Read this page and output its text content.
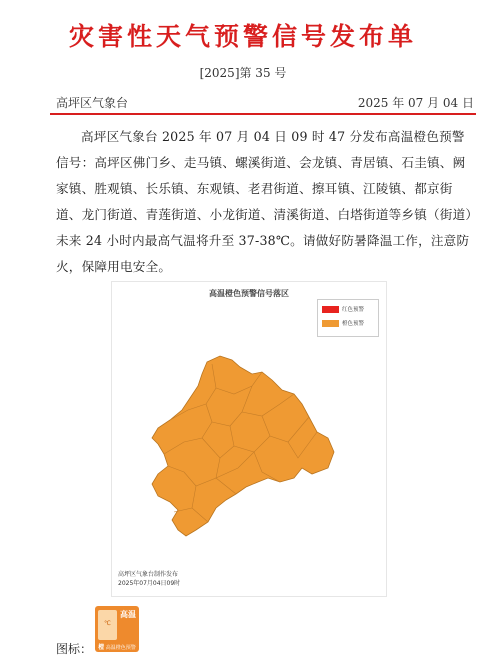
灾害性天气预警信号发布单
[2025]第 35 号
高坪区气象台	2025 年 07 月 04 日
高坪区气象台 2025 年 07 月 04 日 09 时 47 分发布高温橙色预警信号：高坪区佛门乡、走马镇、螺溪街道、会龙镇、青居镇、石圭镇、阙家镇、胜观镇、长乐镇、东观镇、老君街道、擦耳镇、江陵镇、都京街道、龙门街道、青莲街道、小龙街道、清溪街道、白塔街道等乡镇（街道）未来 24 小时内最高气温将升至 37-38℃。请做好防暑降温工作，注意防火，保障用电安全。
高温橙色预警信号落区
红色预警
橙色预警
高坪区气象台制作发布
2025年07月04日09时
图标：
℃
高温
橙 高温橙色预警
